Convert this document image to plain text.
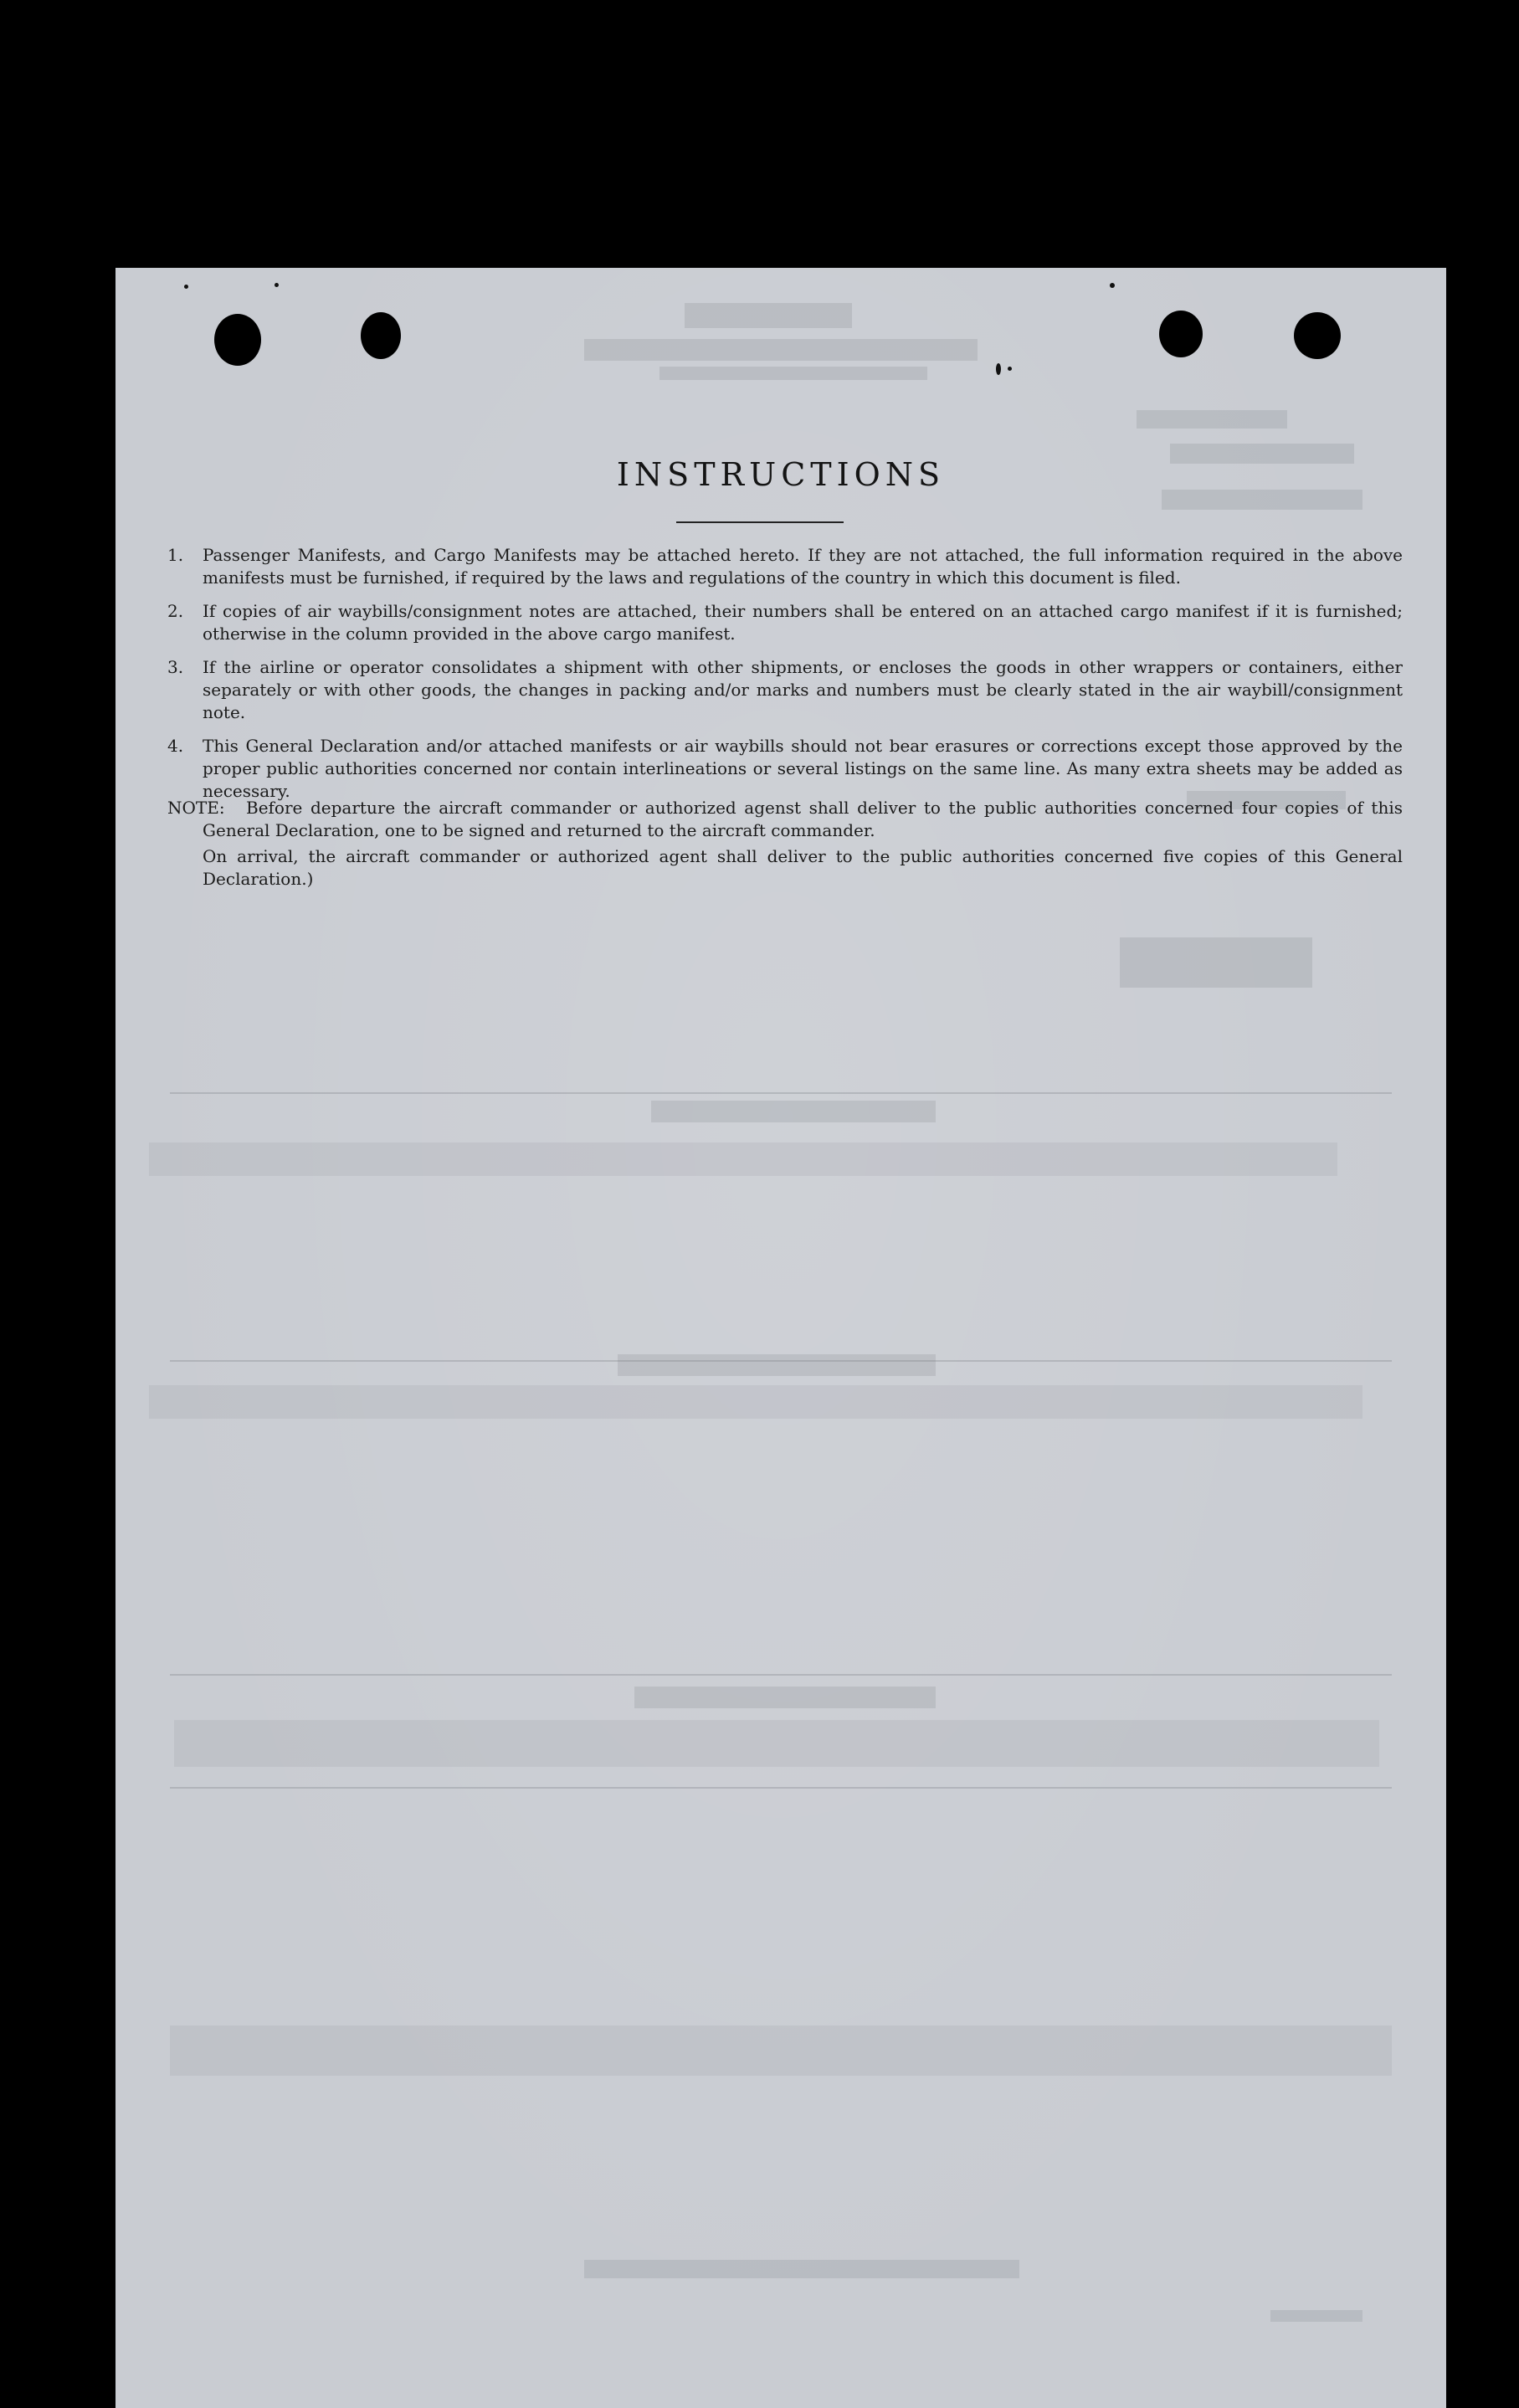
INSTRUCTIONS
1. Passenger Manifests, and Cargo Manifests may be attached hereto. If they are not attached, the full information required in the above manifests must be furnished, if required by the laws and regulations of the country in which this document is filed.
2. If copies of air waybills/consignment notes are attached, their numbers shall be entered on an attached cargo manifest if it is furnished; otherwise in the column provided in the above cargo manifest.
3. If the airline or operator consolidates a shipment with other shipments, or encloses the goods in other wrappers or containers, either separately or with other goods, the changes in packing and/or marks and numbers must be clearly stated in the air waybill/consignment note.
4. This General Declaration and/or attached manifests or air waybills should not bear erasures or corrections except those approved by the proper public authorities concerned nor contain interlineations or several listings on the same line. As many extra sheets may be added as necessary.
NOTE:	Before departure the aircraft commander or authorized agenst shall deliver to the public authorities concerned four copies of this General Declaration, one to be signed and returned to the aircraft commander.

On arrival, the aircraft commander or authorized agent shall deliver to the public authorities concerned five copies of this General Declaration.)
